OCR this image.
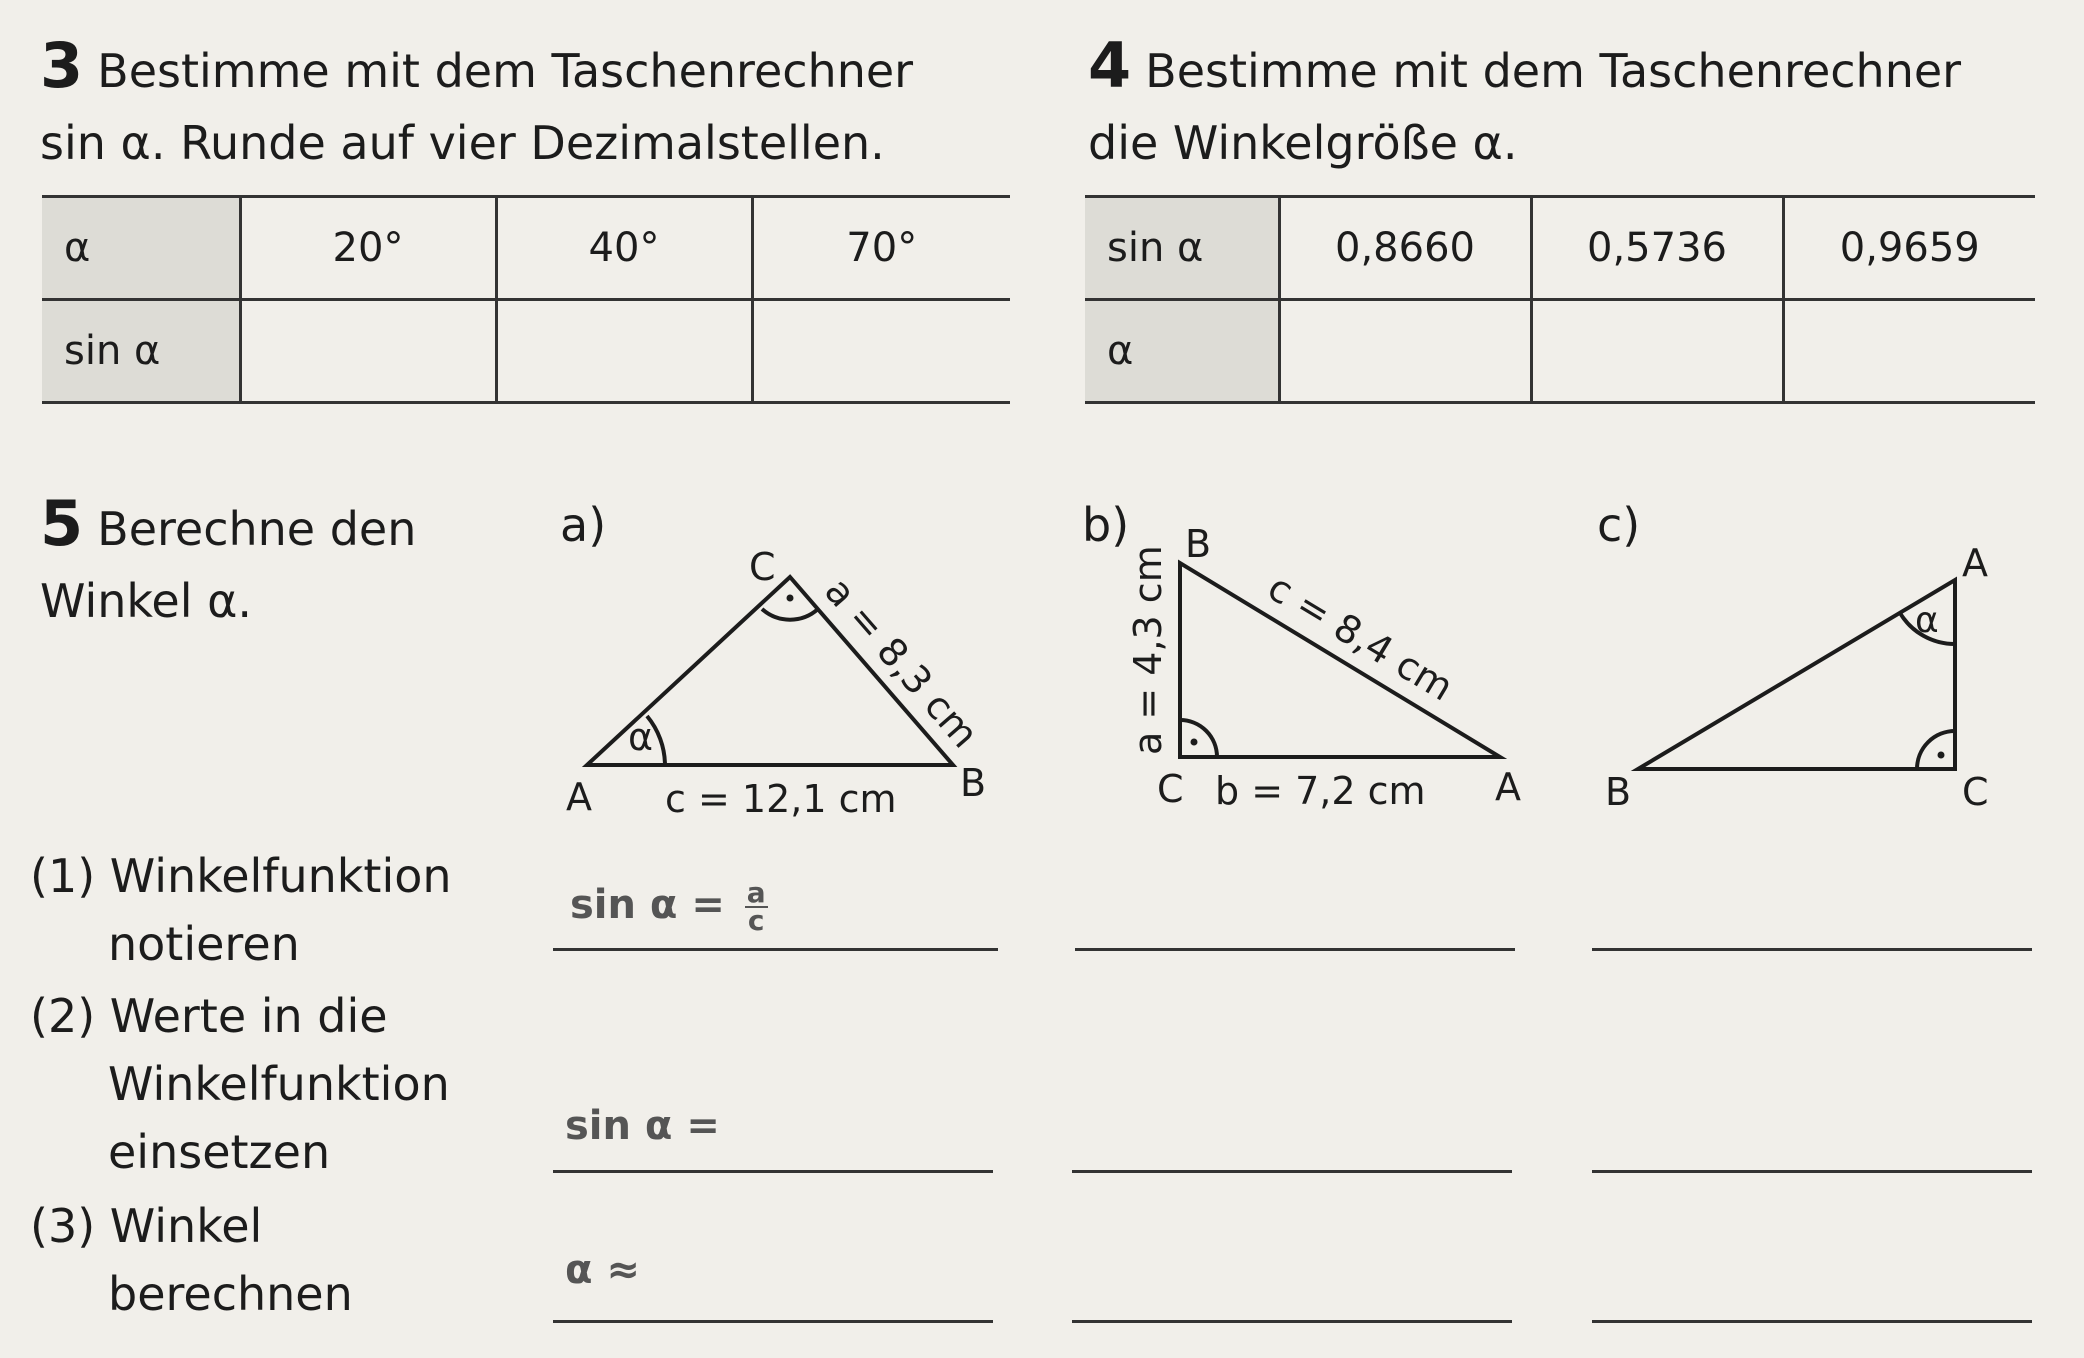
3 Bestimme mit dem Taschenrechner
sin α. Runde auf vier Dezimalstellen.
α	20°	40°	70°
sin α			
4 Bestimme mit dem Taschenrechner
die Winkelgröße α.
sin α	0,8660	0,5736	0,9659
α			
5 Berechne den
Winkel α.
a)	b)	c)
α
A	B
C
c = 12,1 cm
a = 8,3 cm
A
B
C b = 7,2 cm
a = 4,3 cm c = 8,4 cm	α
A
B	C
(1) Winkelfunktion
notieren
(2) Werte in die
Winkelfunktion
einsetzen
(3) Winkel
berechnen
$\sin \alpha = \frac{a}{c}$
sin α =
α ≈
